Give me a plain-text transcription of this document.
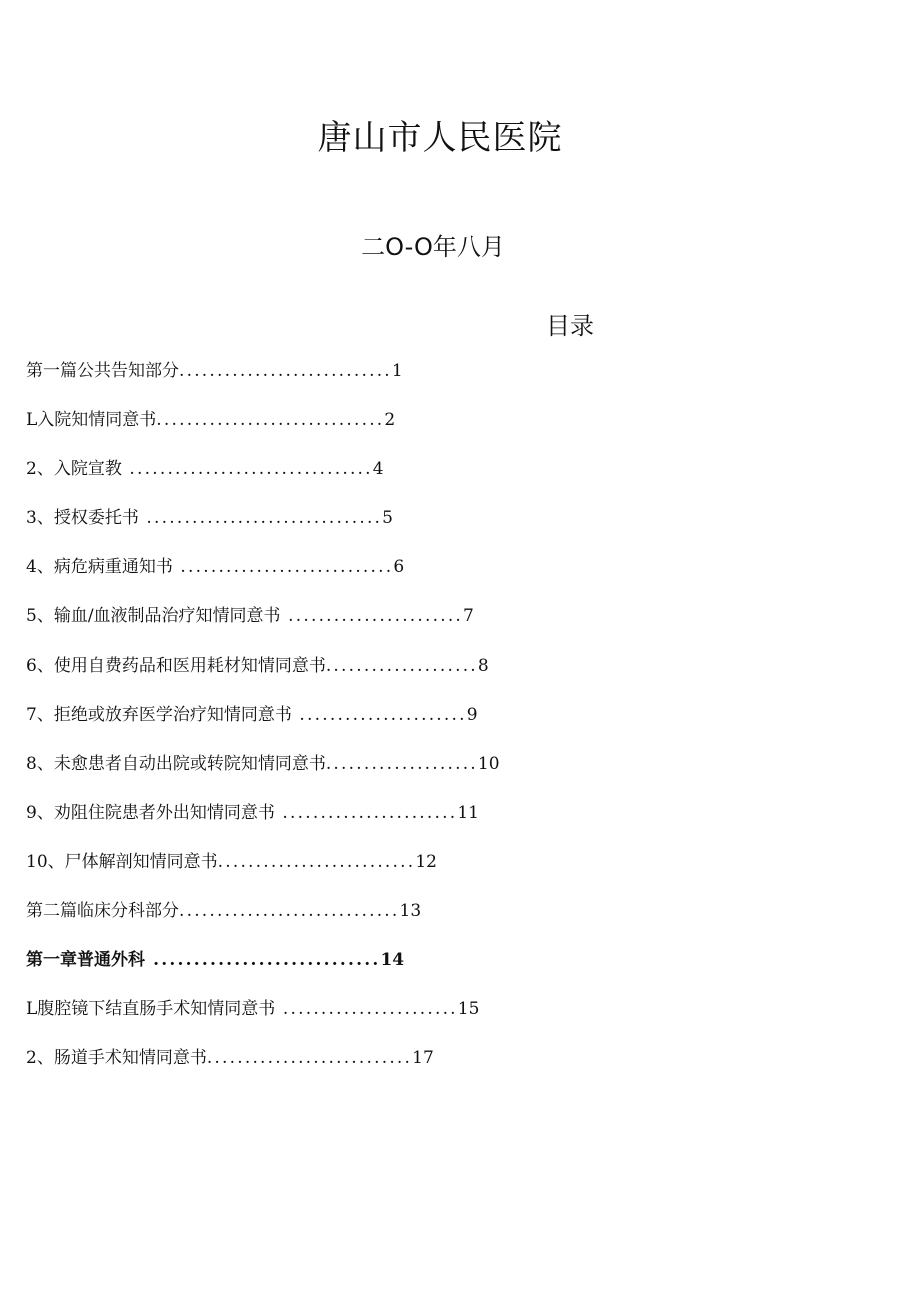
唐山市人民医院
二O-O年八月
目录
第一篇公共告知部分............................1
L入院知情同意书..............................2
2、入院宣教 ................................4
3、授权委托书 ...............................5
4、病危病重通知书 ............................6
5、输血/血液制品治疗知情同意书 .......................7
6、使用自费药品和医用耗材知情同意书....................8
7、拒绝或放弃医学治疗知情同意书 ......................9
8、未愈患者自动出院或转院知情同意书....................10
9、劝阻住院患者外出知情同意书 .......................11
10、尸体解剖知情同意书..........................12
第二篇临床分科部分.............................13
第一章普通外科 ............................14
L腹腔镜下结直肠手术知情同意书 .......................15
2、肠道手术知情同意书...........................17
